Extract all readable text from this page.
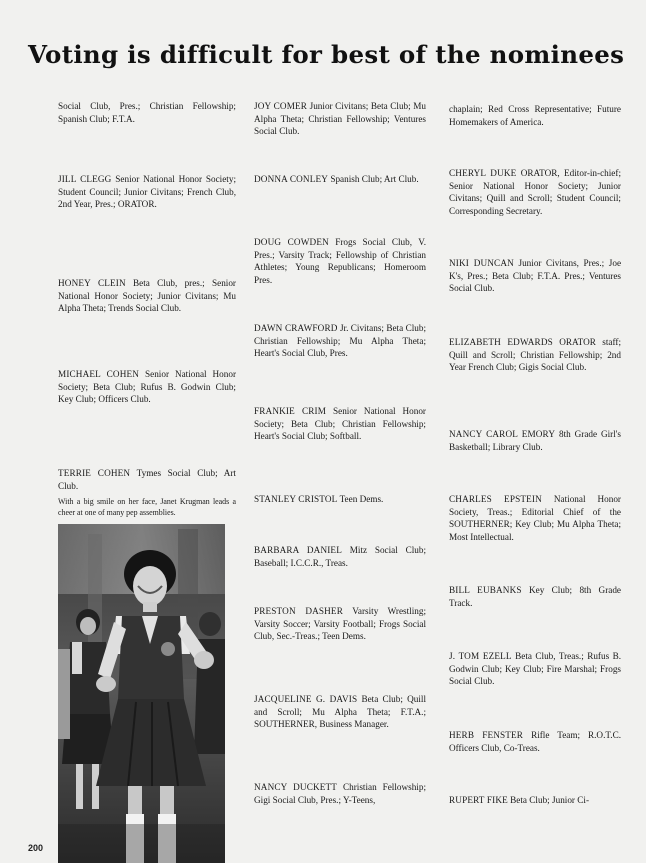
Voting is difficult for best of the nominees
Social Club, Pres.; Christian Fellowship; Spanish Club; F.T.A.
JILL CLEGG Senior National Honor Society; Student Council; Junior Civitans; French Club, 2nd Year, Pres.; ORATOR.
HONEY CLEIN Beta Club, pres.; Senior National Honor Society; Junior Civitans; Mu Alpha Theta; Trends Social Club.
MICHAEL COHEN Senior National Honor Society; Beta Club; Rufus B. Godwin Club; Key Club; Officers Club.
TERRIE COHEN Tymes Social Club; Art Club.
With a big smile on her face, Janet Krugman leads a cheer at one of many pep assemblies.
JOY COMER Junior Civitans; Beta Club; Mu Alpha Theta; Christian Fellowship; Ventures Social Club.
DONNA CONLEY Spanish Club; Art Club.
DOUG COWDEN Frogs Social Club, V. Pres.; Varsity Track; Fellowship of Christian Athletes; Young Republicans; Homeroom Pres.
DAWN CRAWFORD Jr. Civitans; Beta Club; Christian Fellowship; Mu Alpha Theta; Heart's Social Club, Pres.
FRANKIE CRIM Senior National Honor Society; Beta Club; Christian Fellowship; Heart's Social Club; Softball.
STANLEY CRISTOL Teen Dems.
BARBARA DANIEL Mitz Social Club; Baseball; I.C.C.R., Treas.
PRESTON DASHER Varsity Wrestling; Varsity Soccer; Varsity Football; Frogs Social Club, Sec.-Treas.; Teen Dems.
JACQUELINE G. DAVIS Beta Club; Quill and Scroll; Mu Alpha Theta; F.T.A.; SOUTHERNER, Business Manager.
NANCY DUCKETT Christian Fellowship; Gigi Social Club, Pres.; Y-Teens,
chaplain; Red Cross Representative; Future Homemakers of America.
CHERYL DUKE ORATOR, Editor-in-chief; Senior National Honor Society; Junior Civitans; Quill and Scroll; Student Council; Corresponding Secretary.
NIKI DUNCAN Junior Civitans, Pres.; Joe K's, Pres.; Beta Club; F.T.A. Pres.; Ventures Social Club.
ELIZABETH EDWARDS ORATOR staff; Quill and Scroll; Christian Fellowship; 2nd Year French Club; Gigis Social Club.
NANCY CAROL EMORY 8th Grade Girl's Basketball; Library Club.
CHARLES EPSTEIN National Honor Society, Treas.; Editorial Chief of the SOUTHERNER; Key Club; Mu Alpha Theta; Most Intellectual.
BILL EUBANKS Key Club; 8th Grade Track.
J. TOM EZELL Beta Club, Treas.; Rufus B. Godwin Club; Key Club; Fire Marshal; Frogs Social Club.
HERB FENSTER Rifle Team; R.O.T.C. Officers Club, Co-Treas.
RUPERT FIKE Beta Club; Junior Ci-
200
